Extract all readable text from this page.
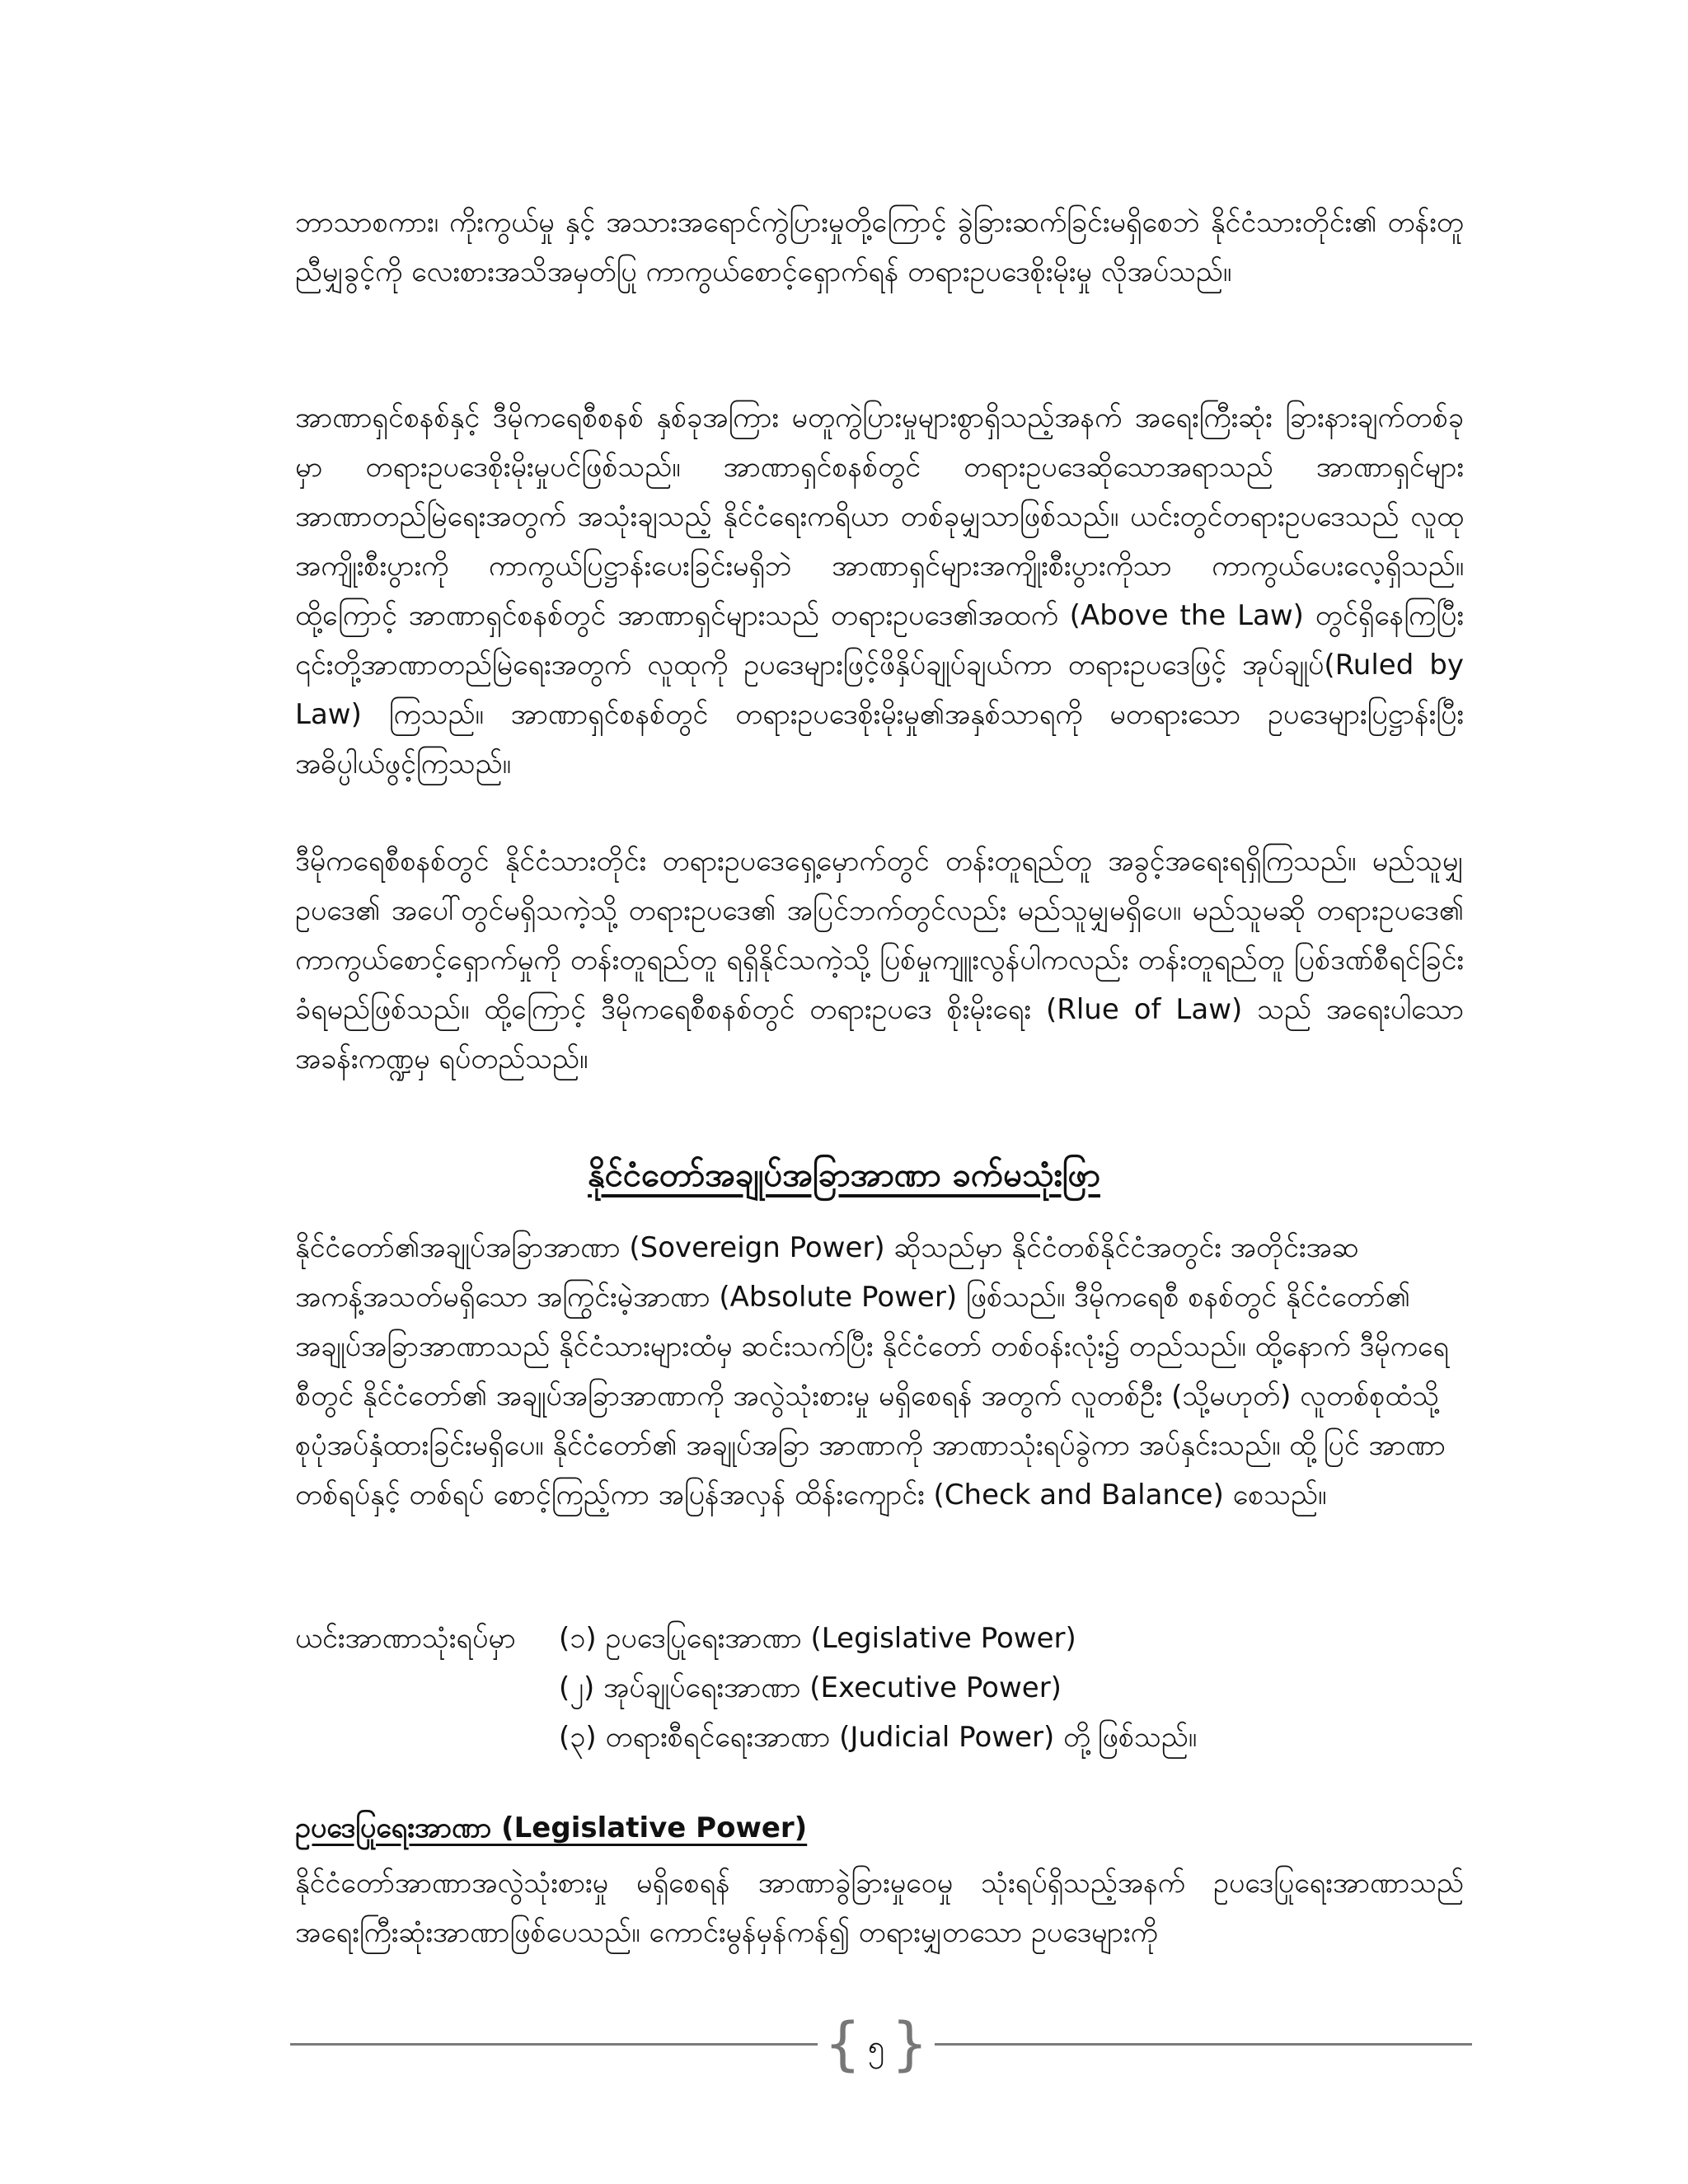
ဘာသာစကား၊ ကိုးကွယ်မှု နှင့် အသားအရောင်ကွဲပြားမှုတို့ကြောင့် ခွဲခြားဆက်ခြင်းမရှိစေဘဲ နိုင်ငံသားတိုင်း၏ တန်းတူညီမျှခွင့်ကို လေးစားအသိအမှတ်ပြု ကာကွယ်စောင့်ရှောက်ရန် တရားဥပဒေစိုးမိုးမှု လိုအပ်သည်။

အာဏာရှင်စနစ်နှင့် ဒီမိုကရေစီစနစ် နှစ်ခုအကြား မတူကွဲပြားမှုများစွာရှိသည့်အနက် အရေးကြီးဆုံး ခြားနားချက်တစ်ခုမှာ တရားဥပဒေစိုးမိုးမှုပင်ဖြစ်သည်။ အာဏာရှင်စနစ်တွင် တရားဥပဒေဆိုသောအရာသည် အာဏာရှင်များ အာဏာတည်မြဲရေးအတွက် အသုံးချသည့် နိုင်ငံရေးကရိယာ တစ်ခုမျှသာဖြစ်သည်။ ယင်းတွင်တရားဥပဒေသည် လူထုအကျိုးစီးပွားကို ကာကွယ်ပြဋ္ဌာန်းပေးခြင်းမရှိဘဲ အာဏာရှင်များအကျိုးစီးပွားကိုသာ ကာကွယ်ပေးလေ့ရှိသည်။ ထို့ကြောင့် အာဏာရှင်စနစ်တွင် အာဏာရှင်များသည် တရားဥပဒေ၏အထက် (Above the Law) တွင်ရှိနေကြပြီး ၎င်းတို့အာဏာတည်မြဲရေးအတွက် လူထုကို ဥပဒေများဖြင့်ဖိနှိပ်ချုပ်ချယ်ကာ တရားဥပဒေဖြင့် အုပ်ချုပ်(Ruled by Law) ကြသည်။ အာဏာရှင်စနစ်တွင် တရားဥပဒေစိုးမိုးမှု၏အနှစ်သာရကို မတရားသော ဥပဒေများပြဋ္ဌာန်းပြီး အဓိပ္ပါယ်ဖွင့်ကြသည်။

ဒီမိုကရေစီစနစ်တွင် နိုင်ငံသားတိုင်း တရားဥပဒေရှေ့မှောက်တွင် တန်းတူရည်တူ အခွင့်အရေးရရှိကြသည်။ မည်သူမျှ ဥပဒေ၏ အပေါ်တွင်မရှိသကဲ့သို့ တရားဥပဒေ၏ အပြင်ဘက်တွင်လည်း မည်သူမျှမရှိပေ။ မည်သူမဆို တရားဥပဒေ၏ ကာကွယ်စောင့်ရှောက်မှုကို တန်းတူရည်တူ ရရှိနိုင်သကဲ့သို့ ပြစ်မှုကျူးလွန်ပါကလည်း တန်းတူရည်တူ ပြစ်ဒဏ်စီရင်ခြင်းခံရမည်ဖြစ်သည်။ ထို့ကြောင့် ဒီမိုကရေစီစနစ်တွင် တရားဥပဒေ စိုးမိုးရေး (Rlue of Law) သည် အရေးပါသော အခန်းကဏ္ဍမှ ရပ်တည်သည်။

နိုင်ငံတော်အချုပ်အခြာအာဏာ ခက်မသုံးဖြာ

နိုင်ငံတော်၏အချုပ်အခြာအာဏာ (Sovereign Power) ဆိုသည်မှာ နိုင်ငံတစ်နိုင်ငံအတွင်း အတိုင်းအဆ အကန့်အသတ်မရှိသော အကြွင်းမဲ့အာဏာ (Absolute Power) ဖြစ်သည်။ ဒီမိုကရေစီ စနစ်တွင် နိုင်ငံတော်၏ အချုပ်အခြာအာဏာသည် နိုင်ငံသားများထံမှ ဆင်းသက်ပြီး နိုင်ငံတော် တစ်ဝန်းလုံး၌ တည်သည်။ ထို့နောက် ဒီမိုကရေစီတွင် နိုင်ငံတော်၏ အချုပ်အခြာအာဏာကို အလွဲသုံးစားမှု မရှိစေရန် အတွက် လူတစ်ဦး (သို့မဟုတ်) လူတစ်စုထံသို့ စုပုံအပ်နှံထားခြင်းမရှိပေ။ နိုင်ငံတော်၏ အချုပ်အခြာ အာဏာကို အာဏာသုံးရပ်ခွဲကာ အပ်နှင်းသည်။ ထို့ပြင် အာဏာတစ်ရပ်နှင့် တစ်ရပ် စောင့်ကြည့်ကာ အပြန်အလှန် ထိန်းကျောင်း (Check and Balance) စေသည်။

ယင်းအာဏာသုံးရပ်မှာ (၁) ဥပဒေပြုရေးအာဏာ (Legislative Power)
(၂) အုပ်ချုပ်ရေးအာဏာ (Executive Power)
(၃) တရားစီရင်ရေးအာဏာ (Judicial Power) တို့ဖြစ်သည်။
ဥပဒေပြုရေးအာဏာ (Legislative Power)

နိုင်ငံတော်အာဏာအလွဲသုံးစားမှု မရှိစေရန် အာဏာခွဲခြားမှုဝေမှု သုံးရပ်ရှိသည့်အနက် ဥပဒေပြုရေးအာဏာသည် အရေးကြီးဆုံးအာဏာဖြစ်ပေသည်။ ကောင်းမွန်မှန်ကန်၍ တရားမျှတသော ဥပဒေများကို

{ ၅ }
